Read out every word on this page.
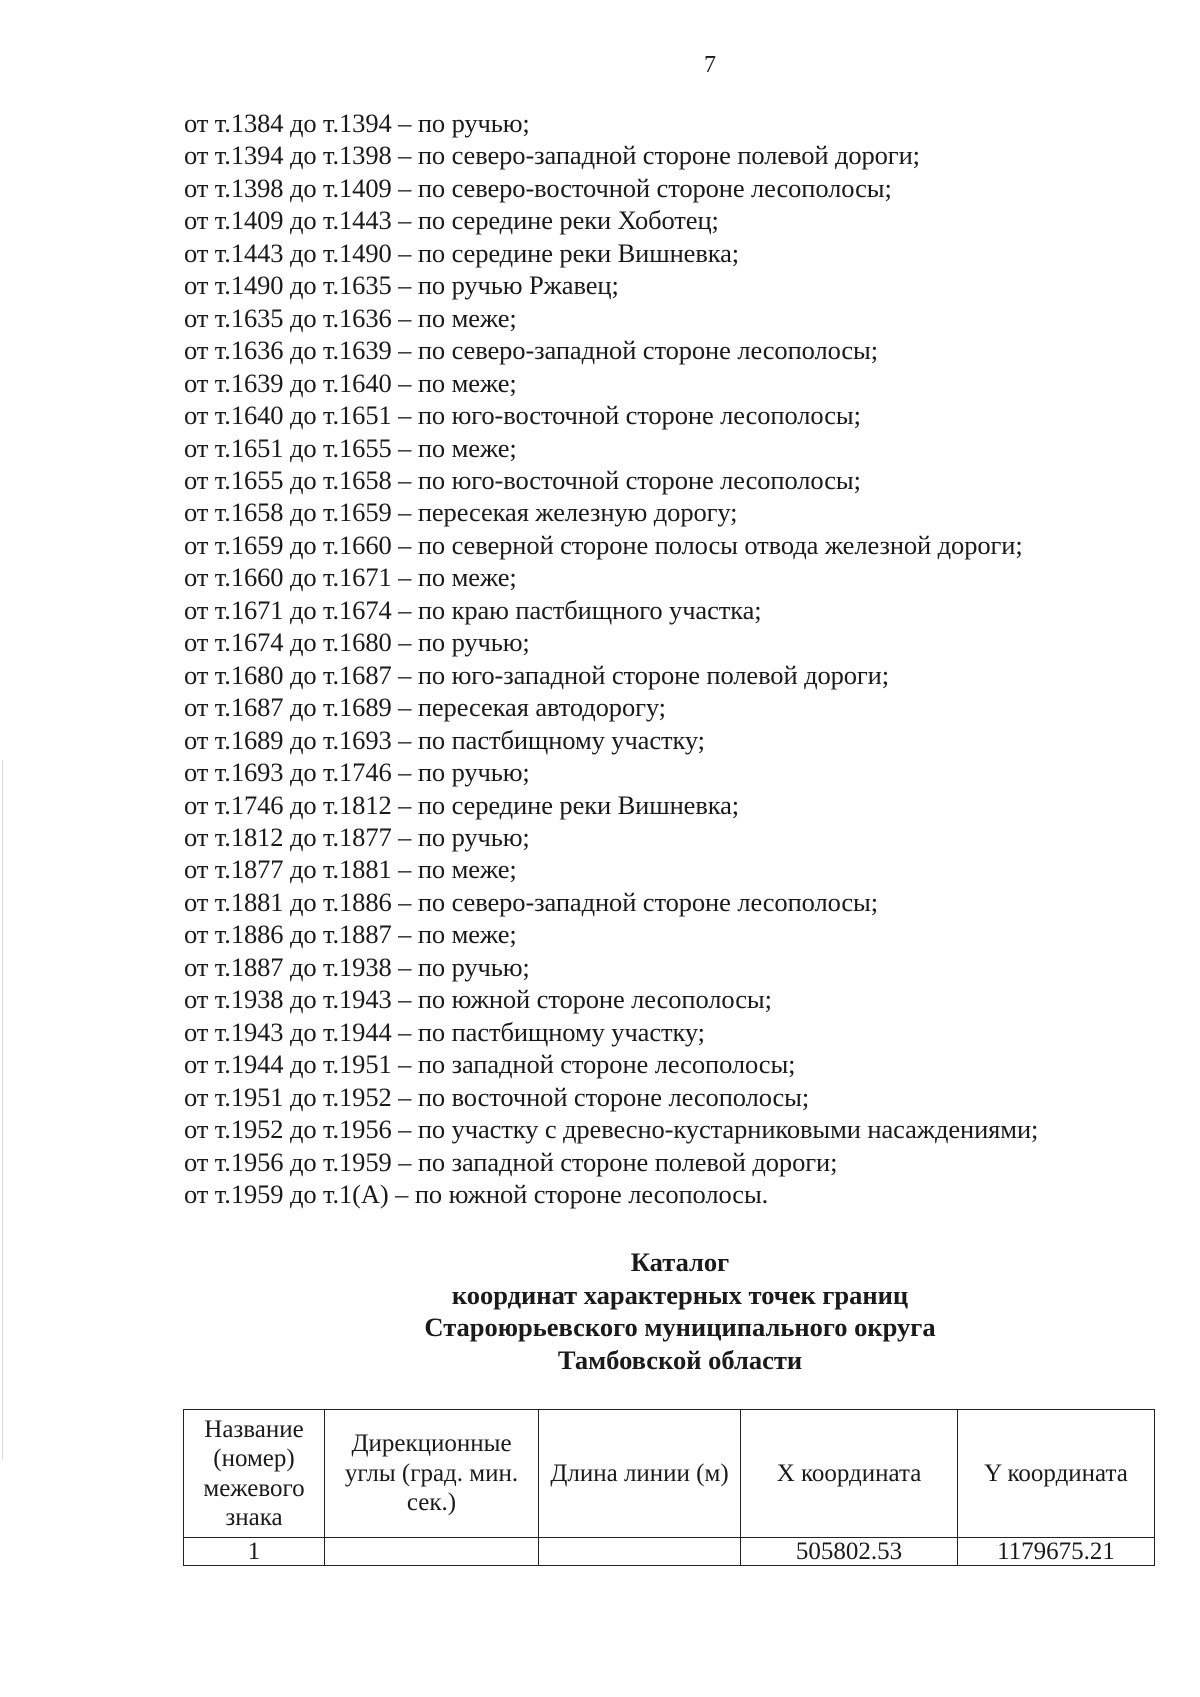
7
от т.1384 до т.1394 – по ручью;
от т.1394 до т.1398 – по северо-западной стороне полевой дороги;
от т.1398 до т.1409 – по северо-восточной стороне лесополосы;
от т.1409 до т.1443 – по середине реки Хоботец;
от т.1443 до т.1490 – по середине реки Вишневка;
от т.1490 до т.1635 – по ручью Ржавец;
от т.1635 до т.1636 – по меже;
от т.1636 до т.1639 – по северо-западной стороне лесополосы;
от т.1639 до т.1640 – по меже;
от т.1640 до т.1651 – по юго-восточной стороне лесополосы;
от т.1651 до т.1655 – по меже;
от т.1655 до т.1658 – по юго-восточной стороне лесополосы;
от т.1658 до т.1659 – пересекая железную дорогу;
от т.1659 до т.1660 – по северной стороне полосы отвода железной дороги;
от т.1660 до т.1671 – по меже;
от т.1671 до т.1674 – по краю пастбищного участка;
от т.1674 до т.1680 – по ручью;
от т.1680 до т.1687 – по юго-западной стороне полевой дороги;
от т.1687 до т.1689 – пересекая автодорогу;
от т.1689 до т.1693 – по пастбищному участку;
от т.1693 до т.1746 – по ручью;
от т.1746 до т.1812 – по середине реки Вишневка;
от т.1812 до т.1877 – по ручью;
от т.1877 до т.1881 – по меже;
от т.1881 до т.1886 – по северо-западной стороне лесополосы;
от т.1886 до т.1887 – по меже;
от т.1887 до т.1938 – по ручью;
от т.1938 до т.1943 – по южной стороне лесополосы;
от т.1943 до т.1944 – по пастбищному участку;
от т.1944 до т.1951 – по западной стороне лесополосы;
от т.1951 до т.1952 – по восточной стороне лесополосы;
от т.1952 до т.1956 – по участку с древесно-кустарниковыми насаждениями;
от т.1956 до т.1959 – по западной стороне полевой дороги;
от т.1959 до т.1(А) – по южной стороне лесополосы.
Каталог
координат характерных точек границ
Староюрьевского муниципального округа
Тамбовской области
Название (номер) межевого знака	Дирекционные углы (град. мин. сек.)	Длина линии (м)	X координата	Y координата
1			505802.53	1179675.21
